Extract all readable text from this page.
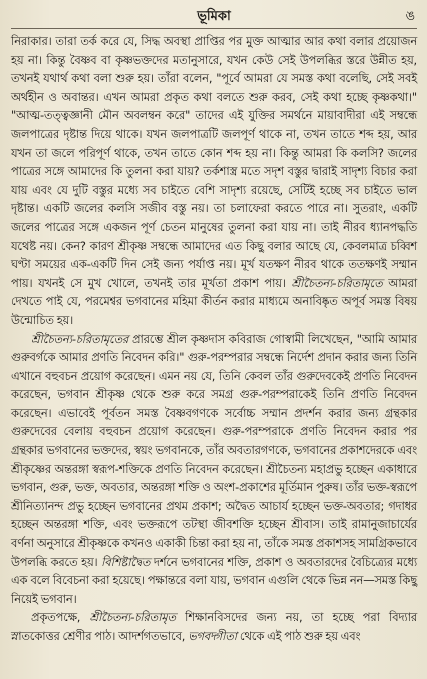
ভূমিকা	ঙ

নিরাকার। তারা তর্ক করে যে, সিদ্ধ অবস্থা প্রাপ্তির পর মুক্ত আত্মার আর কথা বলার প্রয়োজন হয় না। কিন্তু বৈষ্ণব বা কৃষ্ণভক্তদের মতানুসারে, যখন কেউ সেই উপলব্ধির স্তরে উন্নীত হয়, তখনই যথার্থ কথা বলা শুরু হয়। তাঁরা বলেন, "পূর্বে আমরা যে সমস্ত কথা বলেছি, সেই সবই অর্থহীন ও অবান্তর। এখন আমরা প্রকৃত কথা বলতে শুরু করব, সেই কথা হচ্ছে কৃষ্ণকথা।" "আত্ম-তত্ত্বজ্ঞানী মৌন অবলম্বন করে" তাদের এই যুক্তির সমর্থনে মায়াবাদীরা এই সম্বন্ধে জলপাত্রের দৃষ্টান্ত দিয়ে থাকে। যখন জলপাত্রটি জলপূর্ণ থাকে না, তখন তাতে শব্দ হয়, আর যখন তা জলে পরিপূর্ণ থাকে, তখন তাতে কোন শব্দ হয় না। কিন্তু আমরা কি কলসি? জলের পাত্রের সঙ্গে আমাদের কি তুলনা করা যায়? তর্কশাস্ত্র মতে সদৃশ বস্তুর দ্বারাই সাদৃশ্য বিচার করা যায় এবং যে দুটি বস্তুর মধ্যে সব চাইতে বেশি সাদৃশ্য রয়েছে, সেটিই হচ্ছে সব চাইতে ভাল দৃষ্টান্ত। একটি জলের কলসি সজীব বস্তু নয়। তা চলাফেরা করতে পারে না। সুতরাং, একটি জলের পাত্রের সঙ্গে একজন পূর্ণ চেতন মানুষের তুলনা করা যায় না। তাই নীরব ধ্যানপদ্ধতি যথেষ্ট নয়। কেন? কারণ শ্রীকৃষ্ণ সম্বন্ধে আমাদের এত কিছু বলার আছে যে, কেবলমাত্র চব্বিশ ঘণ্টা সময়ের এক-একটি দিন সেই জন্য পর্যাপ্ত নয়। মূর্খ যতক্ষণ নীরব থাকে ততক্ষণই সম্মান পায়। যখনই সে মুখ খোলে, তখনই তার মূর্খতা প্রকাশ পায়। শ্রীচৈতন্য-চরিতামৃতে আমরা দেখতে পাই যে, পরমেশ্বর ভগবানের মহিমা কীর্তন করার মাধ্যমে অনাবিষ্কৃত অপূর্ব সমস্ত বিষয় উন্মোচিত হয়।

শ্রীচৈতন্য-চরিতামৃতের প্রারম্ভে শ্রীল কৃষ্ণদাস কবিরাজ গোস্বামী লিখেছেন, "আমি আমার গুরুবর্গকে আমার প্রণতি নিবেদন করি।" গুরু-পরম্পরার সম্বন্ধে নির্দেশ প্রদান করার জন্য তিনি এখানে বহুবচন প্রয়োগ করেছেন। এমন নয় যে, তিনি কেবল তাঁর গুরুদেবকেই প্রণতি নিবেদন করেছেন, ভগবান শ্রীকৃষ্ণ থেকে শুরু করে সমগ্র গুরু-পরম্পরাকেই তিনি প্রণতি নিবেদন করেছেন। এভাবেই পূর্বতন সমস্ত বৈষ্ণবগণকে সর্বোচ্চ সম্মান প্রদর্শন করার জন্য গ্রন্থকার গুরুদেবের বেলায় বহুবচন প্রয়োগ করেছেন। গুরু-পরম্পরাকে প্রণতি নিবেদন করার পর গ্রন্থকার ভগবানের ভক্তদের, স্বয়ং ভগবানকে, তাঁর অবতারগণকে, ভগবানের প্রকাশদেরকে এবং শ্রীকৃষ্ণের অন্তরঙ্গা স্বরূপ-শক্তিকে প্রণতি নিবেদন করেছেন। শ্রীচৈতন্য মহাপ্রভু হচ্ছেন একাধারে ভগবান, গুরু, ভক্ত, অবতার, অন্তরঙ্গা শক্তি ও অংশ-প্রকাশের মূর্তিমান পুরুষ। তাঁর ভক্ত-স্বরূপে শ্রীনিত্যানন্দ প্রভু হচ্ছেন ভগবানের প্রথম প্রকাশ; অদ্বৈত আচার্য হচ্ছেন ভক্ত-অবতার; গদাধর হচ্ছেন অন্তরঙ্গা শক্তি, এবং ভক্তরূপে তটস্থা জীবশক্তি হচ্ছেন শ্রীবাস। তাই রামানুজাচার্যের বর্ণনা অনুসারে শ্রীকৃষ্ণকে কখনও একাকী চিন্তা করা হয় না, তাঁকে সমস্ত প্রকাশসহ সামগ্রিকভাবে উপলব্ধি করতে হয়। বিশিষ্টাদ্বৈত দর্শনে ভগবানের শক্তি, প্রকাশ ও অবতারদের বৈচিত্র্যের মধ্যে এক বলে বিবেচনা করা হয়েছে। পক্ষান্তরে বলা যায়, ভগবান এগুলি থেকে ভিন্ন নন—সমস্ত কিছু নিয়েই ভগবান।

প্রকৃতপক্ষে, শ্রীচৈতন্য-চরিতামৃত শিক্ষানবিসদের জন্য নয়, তা হচ্ছে পরা বিদ্যার স্নাতকোত্তর শ্রেণীর পাঠ। আদর্শগতভাবে, ভগবদ্গীতা থেকে এই পাঠ শুরু হয় এবং
